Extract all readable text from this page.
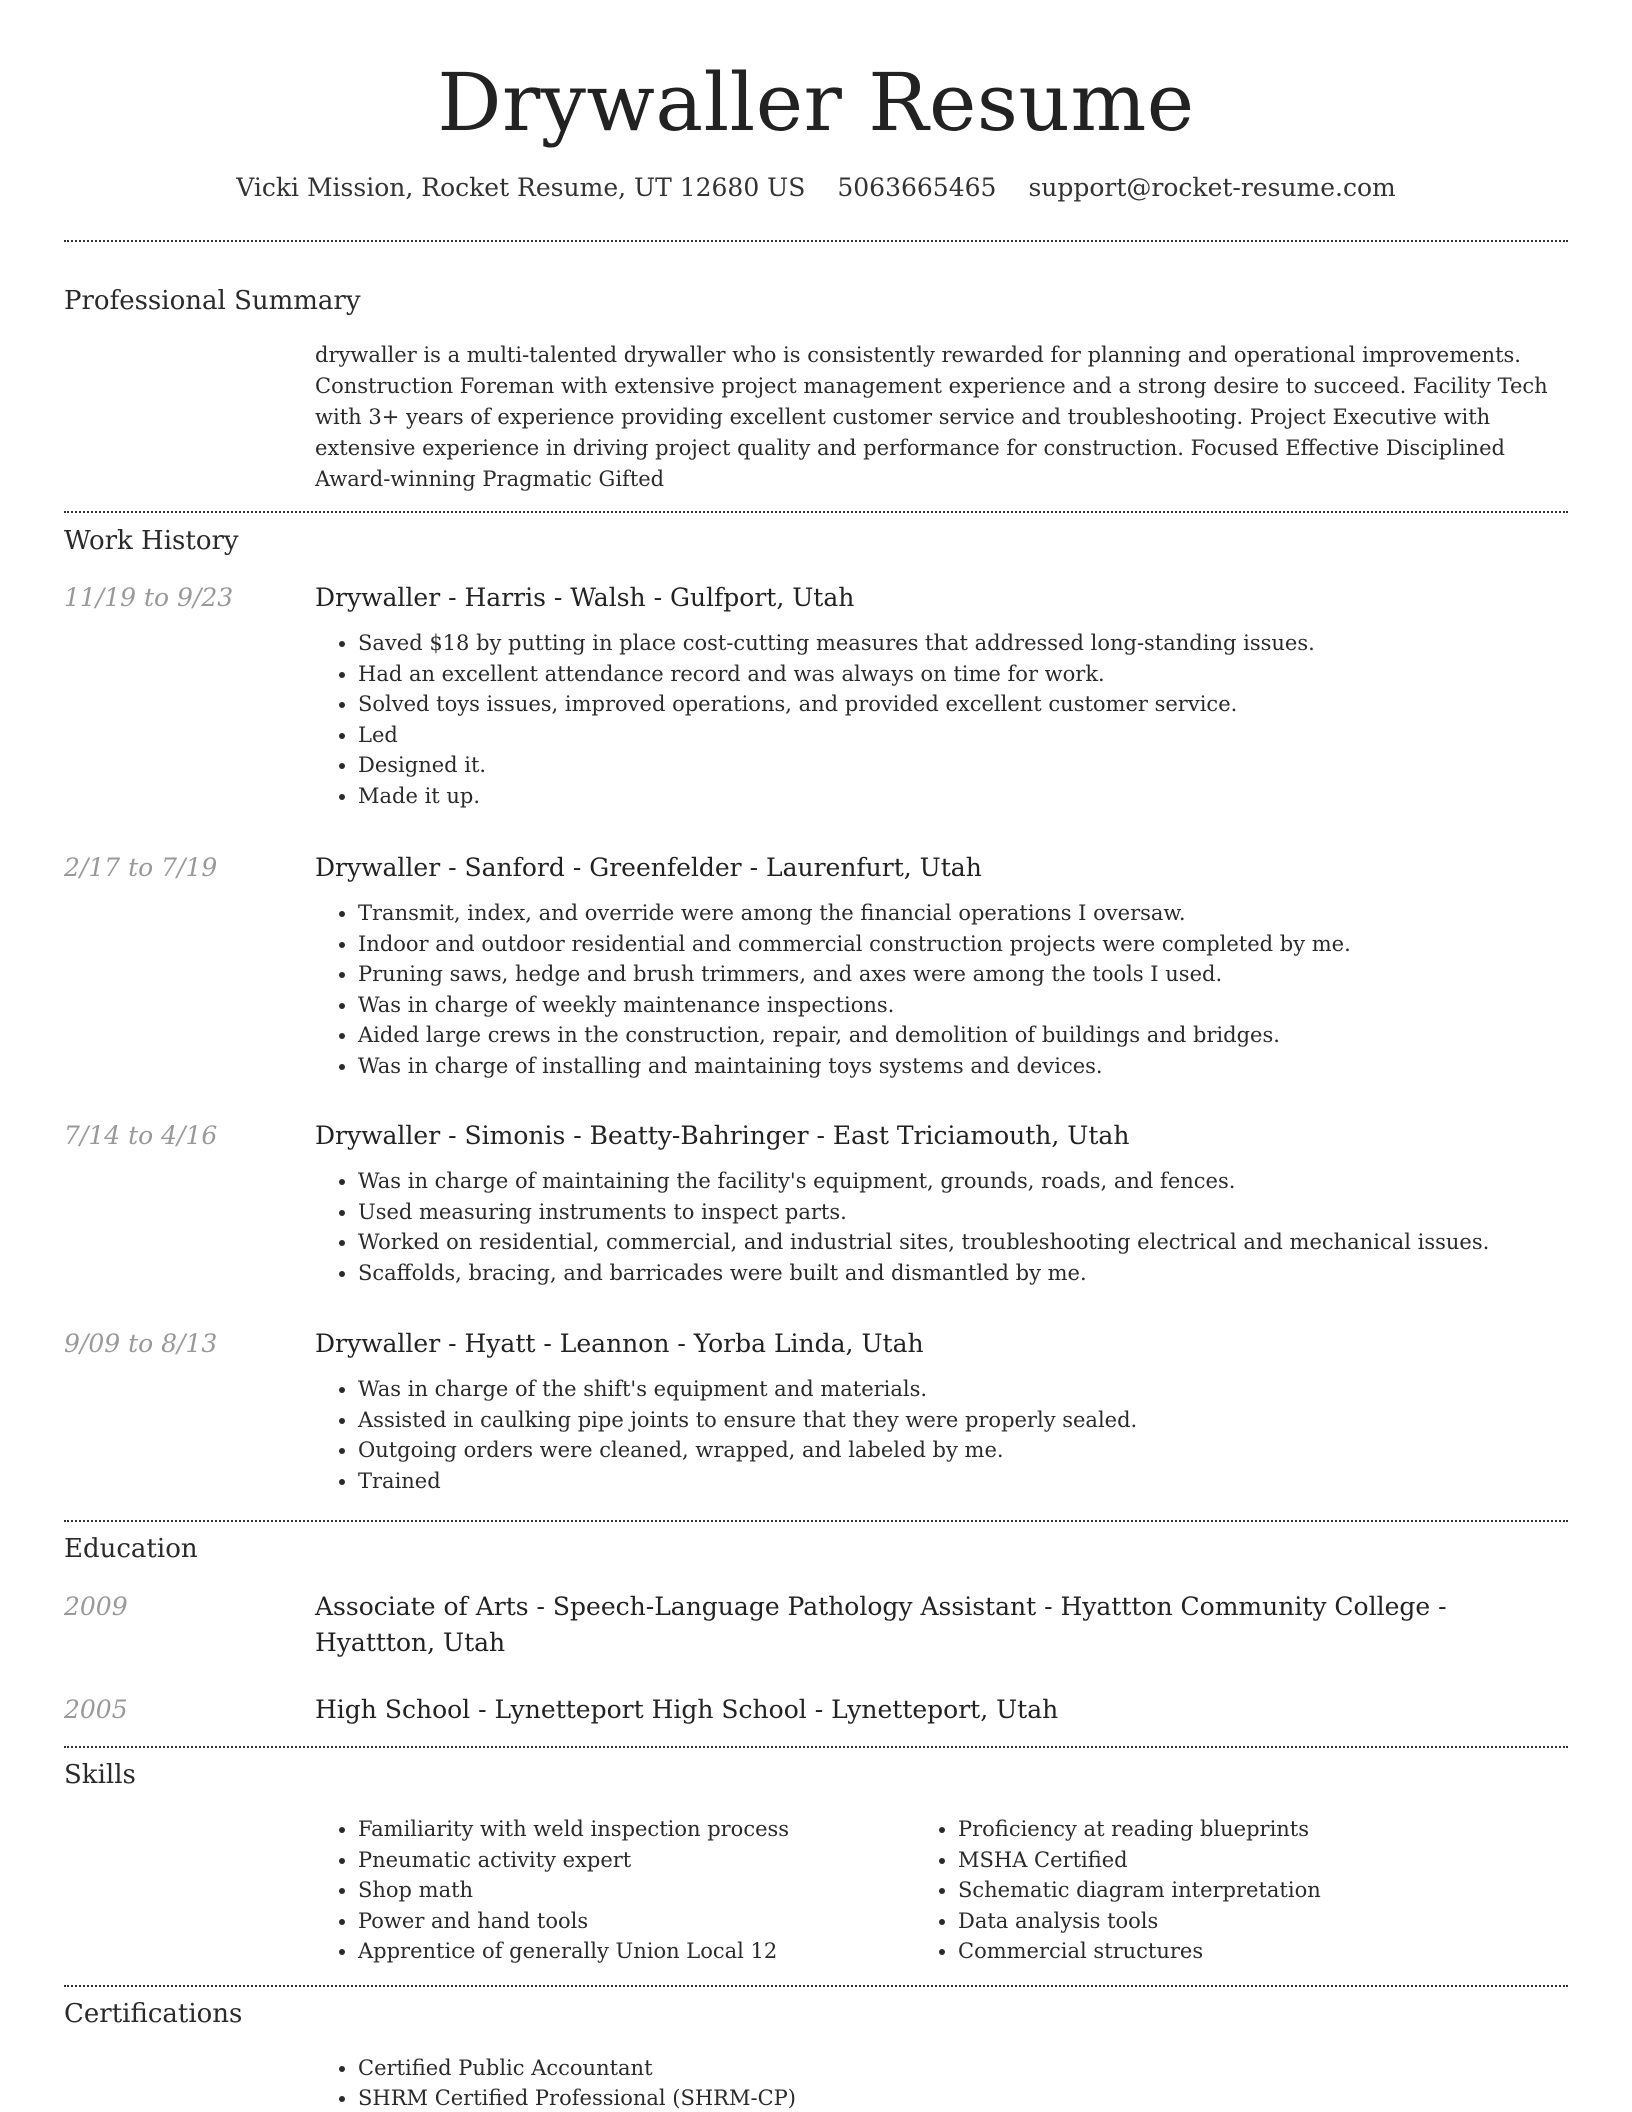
Drywaller Resume
Vicki Mission, Rocket Resume, UT 12680 US 5063665465 support@rocket-resume.com
Professional Summary

drywaller is a multi-talented drywaller who is consistently rewarded for planning and operational improvements. Construction Foreman with extensive project management experience and a strong desire to succeed. Facility Tech with 3+ years of experience providing excellent customer service and troubleshooting. Project Executive with extensive experience in driving project quality and performance for construction. Focused Effective Disciplined Award-winning Pragmatic Gifted

Work History
11/19 to 9/23	Drywaller - Harris - Walsh - Gulfport, Utah
• Saved $18 by putting in place cost-cutting measures that addressed long-standing issues.
• Had an excellent attendance record and was always on time for work.
• Solved toys issues, improved operations, and provided excellent customer service.
• Led
• Designed it.
• Made it up.
2/17 to 7/19	Drywaller - Sanford - Greenfelder - Laurenfurt, Utah
• Transmit, index, and override were among the financial operations I oversaw.
• Indoor and outdoor residential and commercial construction projects were completed by me.
• Pruning saws, hedge and brush trimmers, and axes were among the tools I used.
• Was in charge of weekly maintenance inspections.
• Aided large crews in the construction, repair, and demolition of buildings and bridges.
• Was in charge of installing and maintaining toys systems and devices.
7/14 to 4/16	Drywaller - Simonis - Beatty-Bahringer - East Triciamouth, Utah
• Was in charge of maintaining the facility's equipment, grounds, roads, and fences.
• Used measuring instruments to inspect parts.
• Worked on residential, commercial, and industrial sites, troubleshooting electrical and mechanical issues.
• Scaffolds, bracing, and barricades were built and dismantled by me.
9/09 to 8/13	Drywaller - Hyatt - Leannon - Yorba Linda, Utah
• Was in charge of the shift's equipment and materials.
• Assisted in caulking pipe joints to ensure that they were properly sealed.
• Outgoing orders were cleaned, wrapped, and labeled by me.
• Trained
Education
2009	Associate of Arts - Speech-Language Pathology Assistant - Hyattton Community College - Hyattton, Utah
2005	High School - Lynetteport High School - Lynetteport, Utah
Skills
• Familiarity with weld inspection process
• Pneumatic activity expert
• Shop math
• Power and hand tools
• Apprentice of generally Union Local 12
• Proficiency at reading blueprints
• MSHA Certified
• Schematic diagram interpretation
• Data analysis tools
• Commercial structures
Certifications
• Certified Public Accountant
• SHRM Certified Professional (SHRM-CP)
